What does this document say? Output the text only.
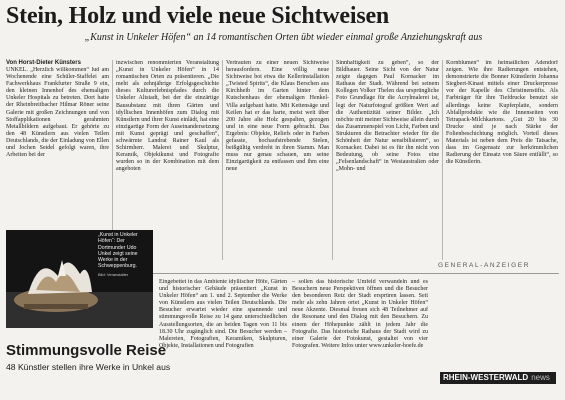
Stein, Holz und viele neue Sichtweisen
„Kunst in Unkeler Höfen“ an 14 romantischen Orten übt wieder einmal große Anziehungskraft aus
Von Horst-Dieter Künsters
UNKEL. „Herzlich willkommen“ lud am Wochenende eine Schüler-Staffelei am Fachwerkhaus Frankfurter Straße 9 ein, den kleinen Innenhof des ehemaligen Unkeler Hospitals zu betreten. Dort hatte der Rheinbreitbacher Hilmar Röner seine Galerie mit großen Zeichnungen und von Stoffapplikationen gerahmten Metallbildern aufgebaut. Er gehörte zu den 48 Künstlern aus vielen Teilen Deutschlands, die der Einladung von Ellen und Jochen Seidel gefolgt waren, ihre Arbeiten bei der
inzwischen renommierten Veranstaltung „Kunst in Unkeler Höfen“ in 14 romantischen Orten zu präsentieren. „Die meht als zehnjährige Erfolgsgeschichte dieses Kulturerlebnispfades durch die Unkeler Altstadt, bei der die einzärtige Bausubstanz mit ihren Gärten und idyllischen Innenhöfen zum Dialog mit Künstlern und ihrer Kunst einlädt, hat eine einzigartige Form der Auseinandersetzung mit Kunst geprägt und geschaffen“, schwärmte Landrat Rainer Kaul als Schirmherr. Malerei und Skulptur, Keramik, Objektkunst und Fotografie wurden so in der Kombination mit dem angeboten
Vertrauten zu einer neuen Sichtweise herausfordern. Eine völlig neue Sichtweise bot etwa die Kellerinstallation „Twisted Spirits“, die Klaus Berschen aus Kirchheib im Garten hinter dem Kutschenhaus der ehemaligen Henkel-Villa aufgebaut hatte. Mit Kettensäge und Keilen hat er das harte, meist weit über 200 Jahre alte Holz gespalten, gezogen und in eine neue Form gebracht. Das Ergebnis: Objekte, Reliefs oder in Farben gefasste, hochaufstrebende Stelen, beißgültig verdreht in ihren Stamm. Man muss nur genau schauen, um seine Einzigartigkeit zu entfassen und ihm eine neue
Sinnhaftigkeit zu geben“, so der Bildhauer. Seine Sicht von der Natur zeigte dagegen Paul Kornacker im Rathaus der Stadt. Während bei seinem Kollegen Volker Thelen das ursprüngliche Foto Grundlage für die Acrylmalerei ist, legt der Naturfotograf größten Wert auf die Authentizität seiner Bilder. „Ich möchte mit meiner Sichtweise allein durch das Zusammenspiel von Licht, Farben und Strukturen die Betrachter wieder für die Schönheit der Natur sensibilisieren“, so Kornacker. Dabei ist es für ihn nicht von Bedeutung, ob seine Fotos eine „Felsenlandschaft“ in Westaustralien oder „Mohn- und
Kornblumen“ im heimatlichen Adendorf zeigen. Wie ihre Radierungen entstehen, demonstrierte die Bonner Künstlerin Johanna Siegbert-Kinast mittels einer Druckerpresse vor der Kapelle des Christinenstifts. Als Farbträger für ihre Tiefdrucke benutzt sie allerdings keine Kupferplatte, sondern Abfallprodukte wie die Innenseiten von Tetrapack-Milchkartons. „Gut 20 bis 30 Drucke sind je nach Stärke der Folienbeschichtung möglich. Vorteil dieses Materials ist neben dem Preis die Tatsache, dass im Gegensatz zur herkömmlichen Radierung der Einsatz von Säure entfällt“, so die Künstlerin.
GENERAL-ANZEIGER
„Kunst in Unkeler Höfen“: Der Dortmunder Udo Unkel zeigt seine Werke in der Schweppenburg.
Bild: Veranstalter
Stimmungsvolle Reise
48 Künstler stellen ihre Werke in Unkel aus
Eingebettet in das Ambiente idyllischer Höfe, Gärten und historischer Gebäude präsentiert „Kunst in Unkeler Höfen“ am 1. und 2. September die Werke von Künstlern aus vielen Teilen Deutschlands. Die Besucher erwartet wieder eine spannende und stimmungsvolle Reise zu 14 ganz unterschiedlichen Ausstellungsorten, die an beiden Tagen von 11 bis 18.30 Uhr zugänglich sind. Die Besucher werden – Malereien, Fotografien, Keramiken, Skulpturen, Objekte, Installationen und Fotografien
– sollen das historische Umfeld verwandeln und es Besuchern neue Perspektiven öffnen und die Besucher den besonderen Reiz der Stadt ersprüren lassen. Seit mehr als zehn Jahren ortet „Kunst in Unkeler Höfen“ neue Akzente. Diesmal freuen sich 48 Teilnehmer auf die Resonanz und den Dialog mit den Besuchern. Zu einem der Höhepunkte zählt in jedem Jahr die Fotografie. Das historische Rathaus der Stadt wird zu einer Galerie der Fotokunst, gestaltet von vier Fotografen. Weitere Infos unter www.unkeler-hoefe.de
RHEIN-WESTERWALD news
